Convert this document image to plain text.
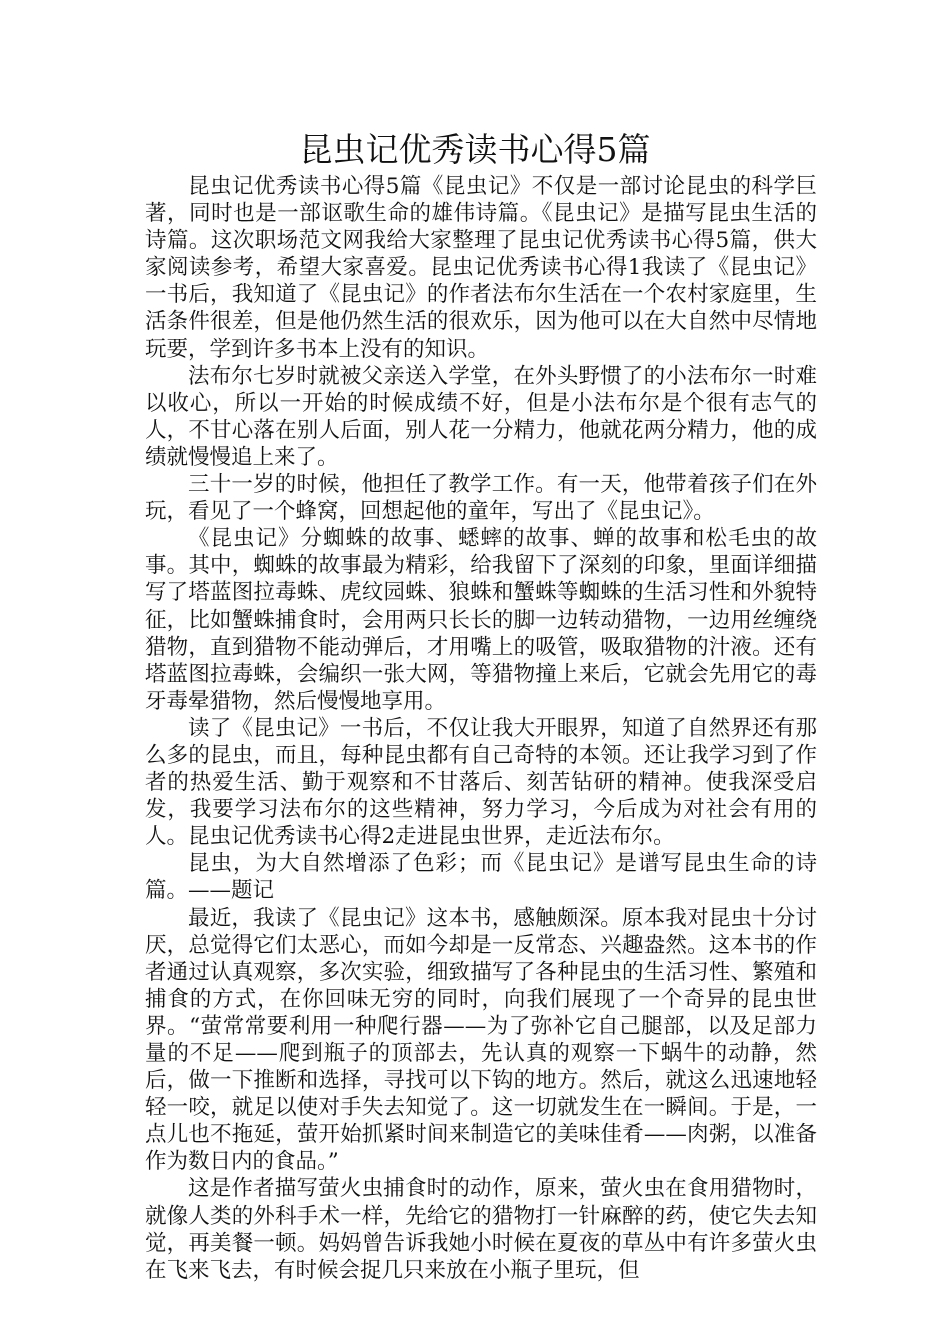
昆虫记优秀读书心得5篇

昆虫记优秀读书心得5篇《昆虫记》不仅是一部讨论昆虫的科学巨著，同时也是一部讴歌生命的雄伟诗篇。《昆虫记》是描写昆虫生活的诗篇。这次职场范文网我给大家整理了昆虫记优秀读书心得5篇，供大家阅读参考，希望大家喜爱。昆虫记优秀读书心得1我读了《昆虫记》一书后，我知道了《昆虫记》的作者法布尔生活在一个农村家庭里，生活条件很差，但是他仍然生活的很欢乐，因为他可以在大自然中尽情地玩要，学到许多书本上没有的知识。

法布尔七岁时就被父亲送入学堂，在外头野惯了的小法布尔一时难以收心，所以一开始的时候成绩不好，但是小法布尔是个很有志气的人，不甘心落在别人后面，别人花一分精力，他就花两分精力，他的成绩就慢慢追上来了。

三十一岁的时候，他担任了教学工作。有一天，他带着孩子们在外玩，看见了一个蜂窝，回想起他的童年，写出了《昆虫记》。

《昆虫记》分蜘蛛的故事、蟋蟀的故事、蝉的故事和松毛虫的故事。其中，蜘蛛的故事最为精彩，给我留下了深刻的印象，里面详细描写了塔蓝图拉毒蛛、虎纹园蛛、狼蛛和蟹蛛等蜘蛛的生活习性和外貌特征，比如蟹蛛捕食时，会用两只长长的脚一边转动猎物，一边用丝缠绕猎物，直到猎物不能动弹后，才用嘴上的吸管，吸取猎物的汁液。还有塔蓝图拉毒蛛，会编织一张大网，等猎物撞上来后，它就会先用它的毒牙毒晕猎物，然后慢慢地享用。

读了《昆虫记》一书后，不仅让我大开眼界，知道了自然界还有那么多的昆虫，而且，每种昆虫都有自己奇特的本领。还让我学习到了作者的热爱生活、勤于观察和不甘落后、刻苦钻研的精神。使我深受启发，我要学习法布尔的这些精神，努力学习，今后成为对社会有用的人。昆虫记优秀读书心得2走进昆虫世界，走近法布尔。

昆虫，为大自然增添了色彩；而《昆虫记》是谱写昆虫生命的诗篇。——题记

最近，我读了《昆虫记》这本书，感触颇深。原本我对昆虫十分讨厌，总觉得它们太恶心，而如今却是一反常态、兴趣盎然。这本书的作者通过认真观察，多次实验，细致描写了各种昆虫的生活习性、繁殖和捕食的方式，在你回味无穷的同时，向我们展现了一个奇异的昆虫世界。“萤常常要利用一种爬行器——为了弥补它自己腿部，以及足部力量的不足——爬到瓶子的顶部去，先认真的观察一下蜗牛的动静，然后，做一下推断和选择，寻找可以下钩的地方。然后，就这么迅速地轻轻一咬，就足以使对手失去知觉了。这一切就发生在一瞬间。于是，一点儿也不拖延，萤开始抓紧时间来制造它的美味佳肴——肉粥，以准备作为数日内的食品。”

这是作者描写萤火虫捕食时的动作，原来，萤火虫在食用猎物时，就像人类的外科手术一样，先给它的猎物打一针麻醉的药，使它失去知觉，再美餐一顿。妈妈曾告诉我她小时候在夏夜的草丛中有许多萤火虫在飞来飞去，有时候会捉几只来放在小瓶子里玩，但
